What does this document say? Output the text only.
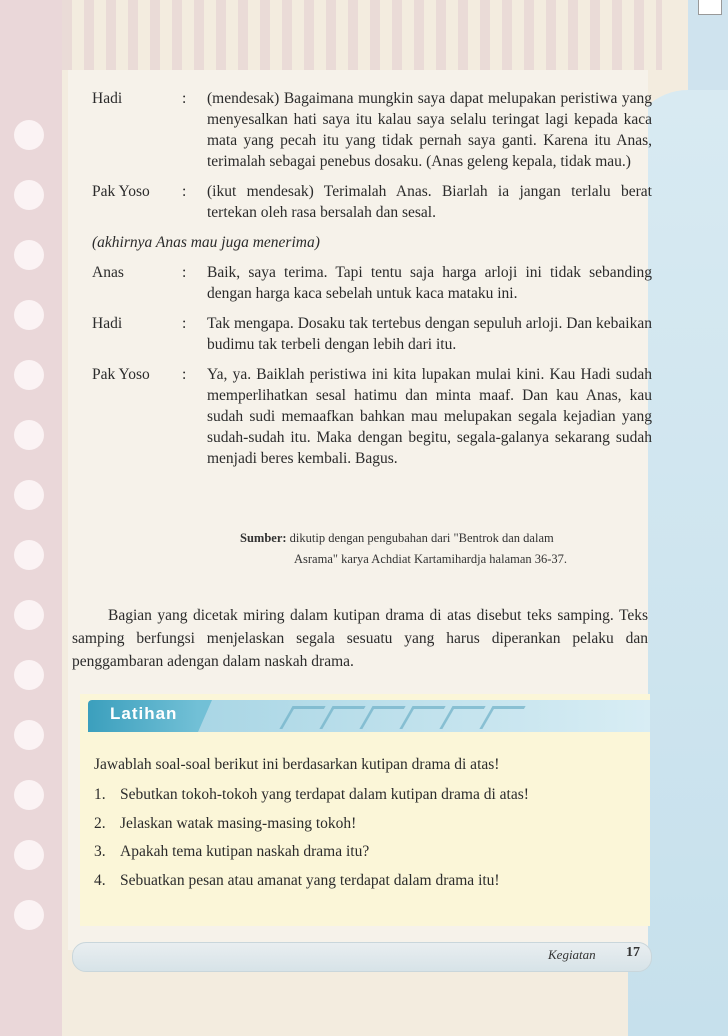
Hadi	:	(mendesak) Bagaimana mungkin saya dapat melupakan peristiwa yang menyesalkan hati saya itu kalau saya selalu teringat lagi kepada kaca mata yang pecah itu yang tidak pernah saya ganti. Karena itu Anas, terimalah sebagai penebus dosaku. (Anas geleng kepala, tidak mau.)
Pak Yoso	:	(ikut mendesak) Terimalah Anas. Biarlah ia jangan terlalu berat tertekan oleh rasa bersalah dan sesal.
(akhirnya Anas mau juga menerima)
Anas	:	Baik, saya terima. Tapi tentu saja harga arloji ini tidak sebanding dengan harga kaca sebelah untuk kaca mataku ini.
Hadi	:	Tak mengapa. Dosaku tak tertebus dengan sepuluh arloji. Dan kebaikan budimu tak terbeli dengan lebih dari itu.
Pak Yoso	:	Ya, ya. Baiklah peristiwa ini kita lupakan mulai kini. Kau Hadi sudah memperlihatkan sesal hatimu dan minta maaf. Dan kau Anas, kau sudah sudi memaafkan bahkan mau melupakan segala kejadian yang sudah-sudah itu. Maka dengan begitu, segala-galanya sekarang sudah menjadi beres kembali. Bagus.
Sumber: dikutip dengan pengubahan dari "Bentrok dan dalam
Asrama" karya Achdiat Kartamihardja halaman 36-37.
Bagian yang dicetak miring dalam kutipan drama di atas disebut teks samping. Teks samping berfungsi menjelaskan segala sesuatu yang harus diperankan pelaku dan penggambaran adengan dalam naskah drama.
Latihan
Jawablah soal-soal berikut ini berdasarkan kutipan drama di atas!
1. Sebutkan tokoh-tokoh yang terdapat dalam kutipan drama di atas!
2. Jelaskan watak masing-masing tokoh!
3. Apakah tema kutipan naskah drama itu?
4. Sebuatkan pesan atau amanat yang terdapat dalam drama itu!
Kegiatan 17
